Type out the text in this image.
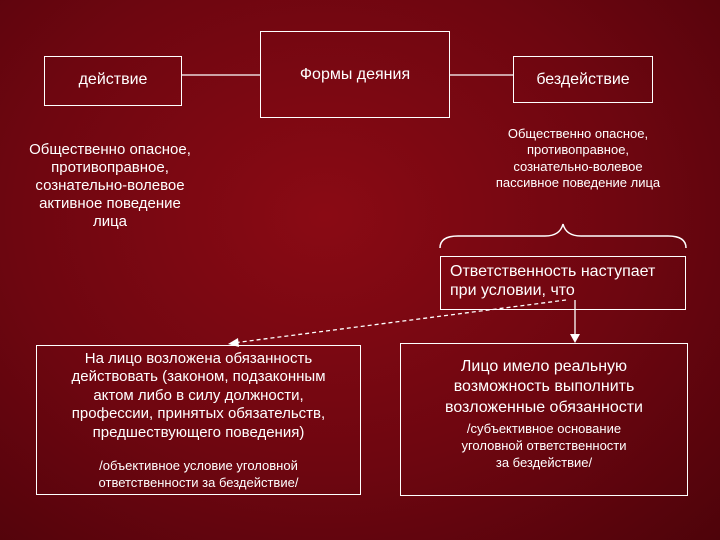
Формы деяния
действие	бездействие
Общественно опасное,
противоправное,
сознательно-волевое
активное поведение
лица
Общественно опасное,
противоправное,
сознательно-волевое
пассивное поведение лица
Ответственность наступает
при условии, что
На лицо возложена обязанность
действовать (законом, подзаконным
актом либо в силу должности,
профессии, принятых обязательств,
предшествующего поведения)
/объективное условие уголовной
ответственности за бездействие/
Лицо имело реальную
возможность выполнить
возложенные обязанности
/субъективное основание
уголовной ответственности
за бездействие/
